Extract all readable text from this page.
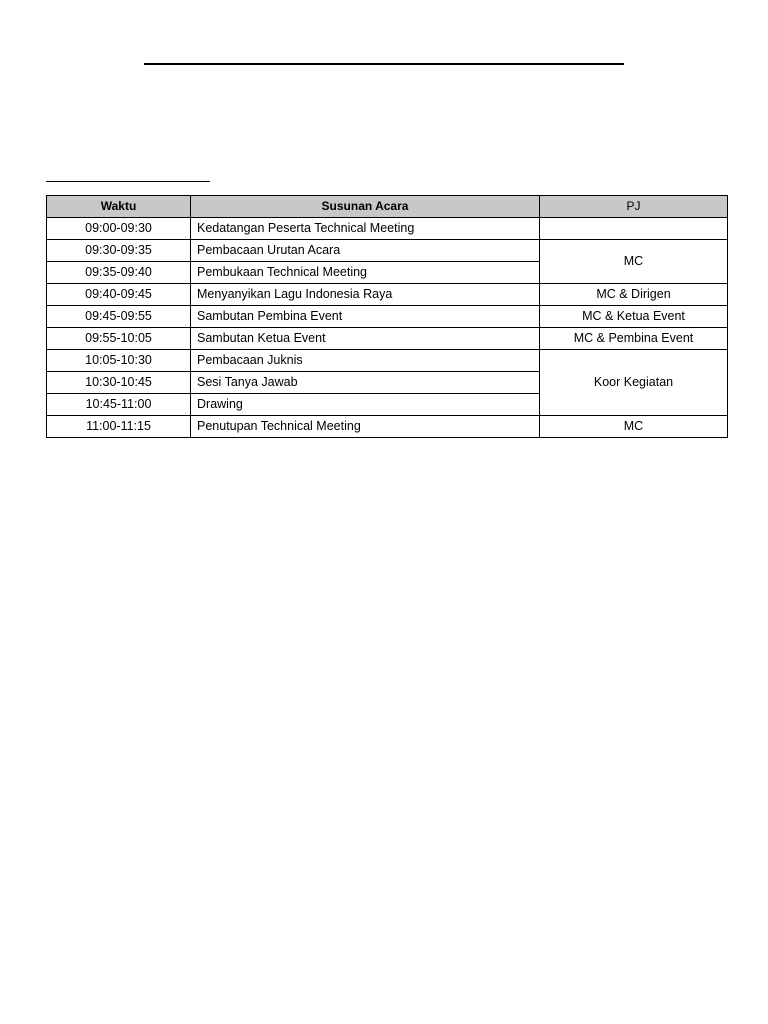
Waktu	Susunan Acara	PJ
09:00-09:30	Kedatangan Peserta Technical Meeting	
09:30-09:35	Pembacaan Urutan Acara	MC
09:35-09:40	Pembukaan Technical Meeting	
09:40-09:45	Menyanyikan Lagu Indonesia Raya	MC & Dirigen
09:45-09:55	Sambutan Pembina Event	MC & Ketua Event
09:55-10:05	Sambutan Ketua Event	MC & Pembina Event
10:05-10:30	Pembacaan Juknis	Koor Kegiatan
10:30-10:45	Sesi Tanya Jawab	
10:45-11:00	Drawing	
11:00-11:15	Penutupan Technical Meeting	MC
